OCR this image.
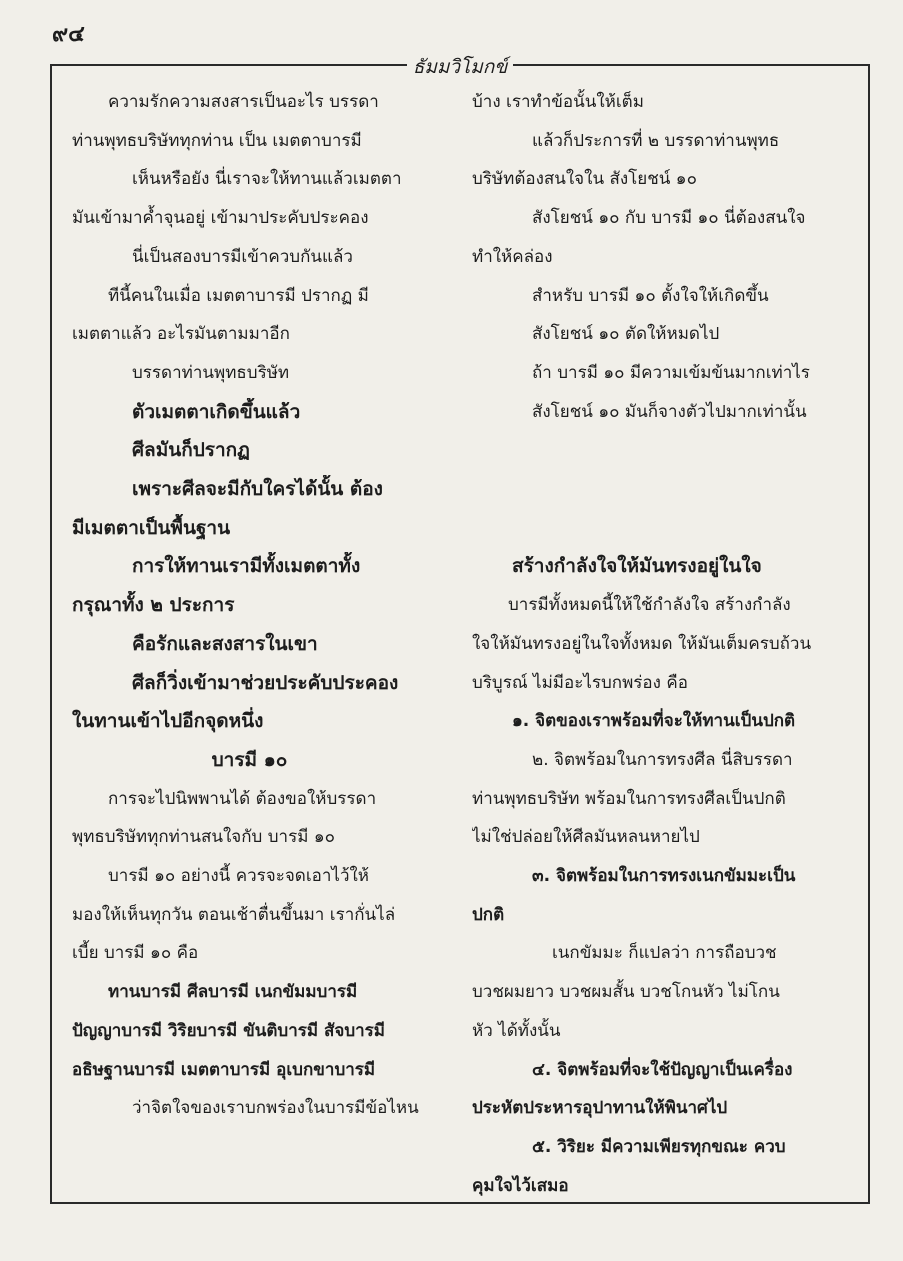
๙๔
ธัมมวิโมกข์
ความรักความสงสารเป็นอะไร บรรดา
ท่านพุทธบริษัททุกท่าน เป็น เมตตาบารมี
เห็นหรือยัง นี่เราจะให้ทานแล้วเมตตา
มันเข้ามาค้ำจุนอยู่ เข้ามาประคับประคอง
นี่เป็นสองบารมีเข้าควบกันแล้ว
ทีนี้คนในเมื่อ เมตตาบารมี ปรากฏ มี
เมตตาแล้ว อะไรมันตามมาอีก
บรรดาท่านพุทธบริษัท
ตัวเมตตาเกิดขึ้นแล้ว
ศีลมันก็ปรากฏ
เพราะศีลจะมีกับใครได้นั้น ต้อง
มีเมตตาเป็นพื้นฐาน
การให้ทานเรามีทั้งเมตตาทั้ง
กรุณาทั้ง ๒ ประการ
คือรักและสงสารในเขา
ศีลก็วิ่งเข้ามาช่วยประคับประคอง
ในทานเข้าไปอีกจุดหนึ่ง
บารมี ๑๐
การจะไปนิพพานได้ ต้องขอให้บรรดา
พุทธบริษัททุกท่านสนใจกับ บารมี ๑๐
บารมี ๑๐ อย่างนี้ ควรจะจดเอาไว้ให้
มองให้เห็นทุกวัน ตอนเช้าตื่นขึ้นมา เรากั่นไล่
เบี้ย บารมี ๑๐ คือ
ทานบารมี ศีลบารมี เนกขัมมบารมี
ปัญญาบารมี วิริยบารมี ขันติบารมี สัจบารมี
อธิษฐานบารมี เมตตาบารมี อุเบกขาบารมี
ว่าจิตใจของเราบกพร่องในบารมีข้อไหน
บ้าง เราทำข้อนั้นให้เต็ม
แล้วก็ประการที่ ๒ บรรดาท่านพุทธ
บริษัทต้องสนใจใน สังโยชน์ ๑๐
สังโยชน์ ๑๐ กับ บารมี ๑๐ นี่ต้องสนใจ
ทำให้คล่อง
สำหรับ บารมี ๑๐ ตั้งใจให้เกิดขึ้น
สังโยชน์ ๑๐ ตัดให้หมดไป
ถ้า บารมี ๑๐ มีความเข้มข้นมากเท่าไร
สังโยชน์ ๑๐ มันก็จางตัวไปมากเท่านั้น
สร้างกำลังใจให้มันทรงอยู่ในใจ
บารมีทั้งหมดนี้ให้ใช้กำลังใจ สร้างกำลัง
ใจให้มันทรงอยู่ในใจทั้งหมด ให้มันเต็มครบถ้วน
บริบูรณ์ ไม่มีอะไรบกพร่อง คือ
๑. จิตของเราพร้อมที่จะให้ทานเป็นปกติ
๒. จิตพร้อมในการทรงศีล นี่สิบรรดา
ท่านพุทธบริษัท พร้อมในการทรงศีลเป็นปกติ
ไม่ใช่ปล่อยให้ศีลมันหลนหายไป
๓. จิตพร้อมในการทรงเนกขัมมะเป็น
ปกติ
เนกขัมมะ ก็แปลว่า การถือบวช
บวชผมยาว บวชผมสั้น บวชโกนหัว ไม่โกน
หัว ได้ทั้งนั้น
๔. จิตพร้อมที่จะใช้ปัญญาเป็นเครื่อง
ประหัตประหารอุปาทานให้พินาศไป
๕. วิริยะ มีความเพียรทุกขณะ ควบ
คุมใจไว้เสมอ
